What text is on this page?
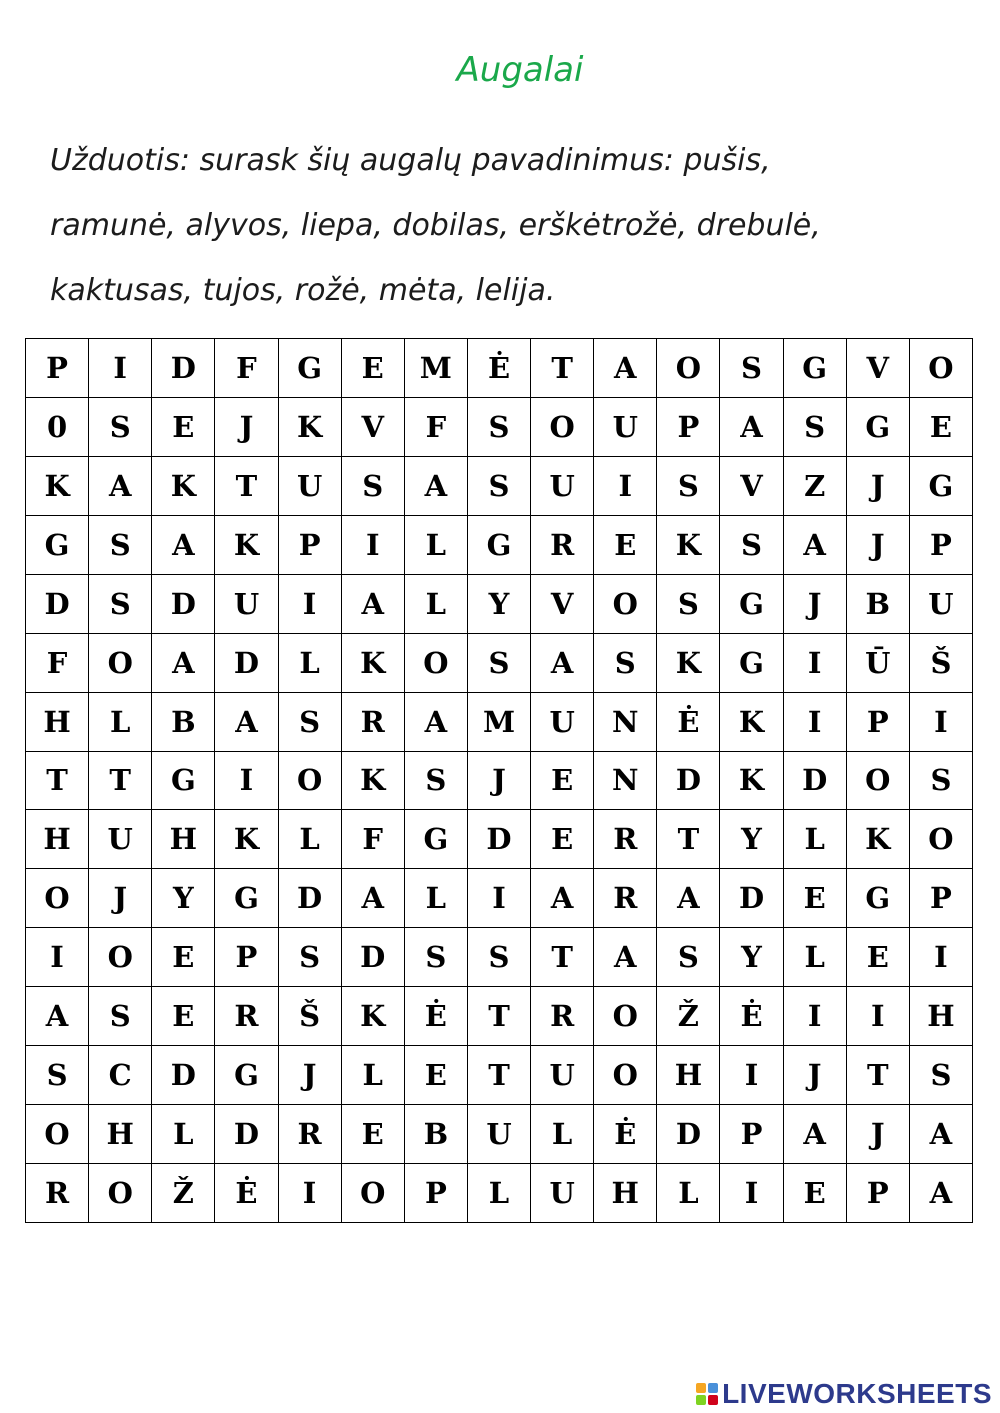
Augalai
Užduotis: surask šių augalų pavadinimus: pušis,
ramunė, alyvos, liepa, dobilas, erškėtrožė, drebulė,
kaktusas, tujos, rožė, mėta, lelija.
P	I	D	F	G	E	M	Ė	T	A	O	S	G	V	O
0	S	E	J	K	V	F	S	O	U	P	A	S	G	E
K	A	K	T	U	S	A	S	U	I	S	V	Z	J	G
G	S	A	K	P	I	L	G	R	E	K	S	A	J	P
D	S	D	U	I	A	L	Y	V	O	S	G	J	B	U
F	O	A	D	L	K	O	S	A	S	K	G	I	Ū	Š
H	L	B	A	S	R	A	M	U	N	Ė	K	I	P	I
T	T	G	I	O	K	S	J	E	N	D	K	D	O	S
H	U	H	K	L	F	G	D	E	R	T	Y	L	K	O
O	J	Y	G	D	A	L	I	A	R	A	D	E	G	P
I	O	E	P	S	D	S	S	T	A	S	Y	L	E	I
A	S	E	R	Š	K	Ė	T	R	O	Ž	Ė	I	I	H
S	C	D	G	J	L	E	T	U	O	H	I	J	T	S
O	H	L	D	R	E	B	U	L	Ė	D	P	A	J	A
R	O	Ž	Ė	I	O	P	L	U	H	L	I	E	P	A
LIVEWORKSHEETS
